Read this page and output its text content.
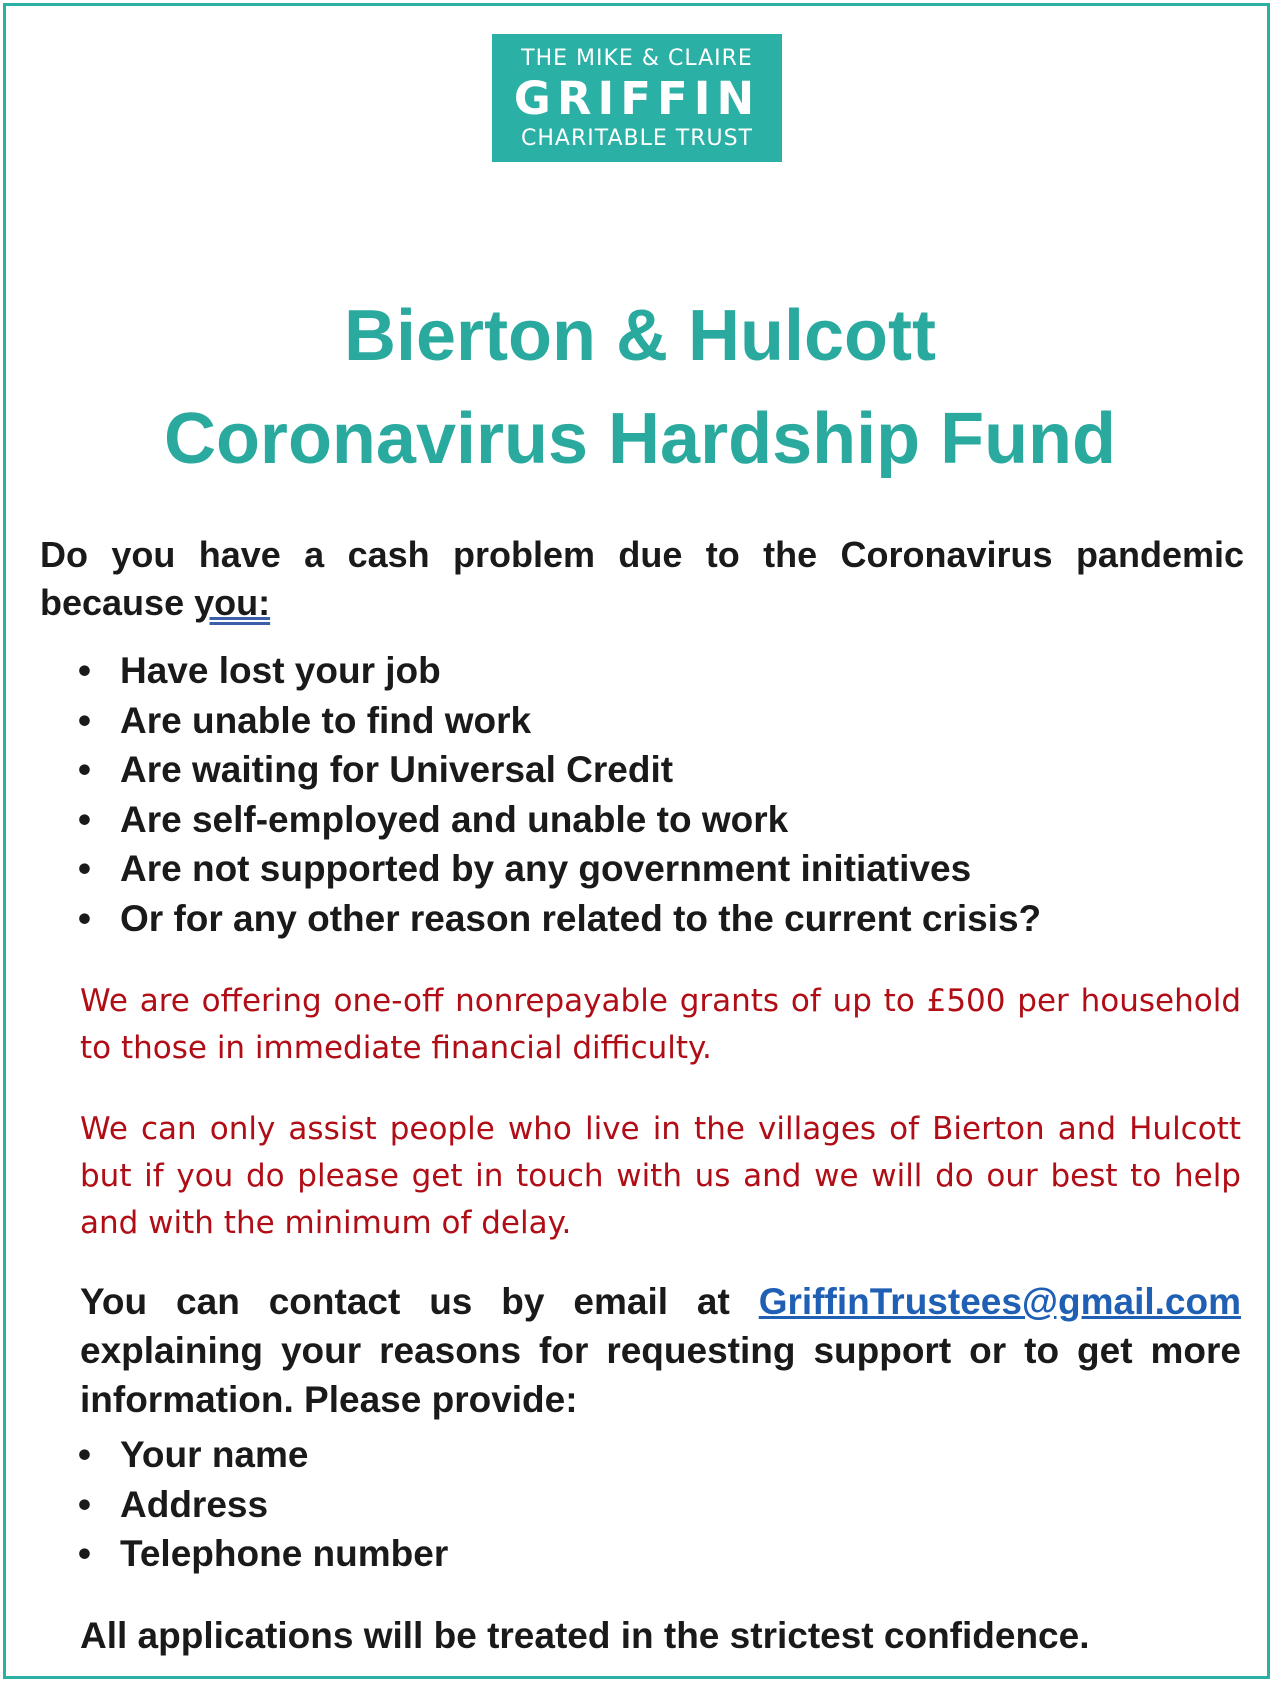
THE MIKE & CLAIRE
GRIFFIN
CHARITABLE TRUST
Bierton & Hulcott
Coronavirus Hardship Fund
Do you have a cash problem due to the Coronavirus pandemic because you:
• Have lost your job
• Are unable to find work
• Are waiting for Universal Credit
• Are self-employed and unable to work
• Are not supported by any government initiatives
• Or for any other reason related to the current crisis?
We are offering one-off nonrepayable grants of up to £500 per household to those in immediate financial difficulty.
We can only assist people who live in the villages of Bierton and Hulcott but if you do please get in touch with us and we will do our best to help and with the minimum of delay.
You can contact us by email at GriffinTrustees@gmail.com explaining your reasons for requesting support or to get more information. Please provide:
• Your name
• Address
• Telephone number
All applications will be treated in the strictest confidence.
